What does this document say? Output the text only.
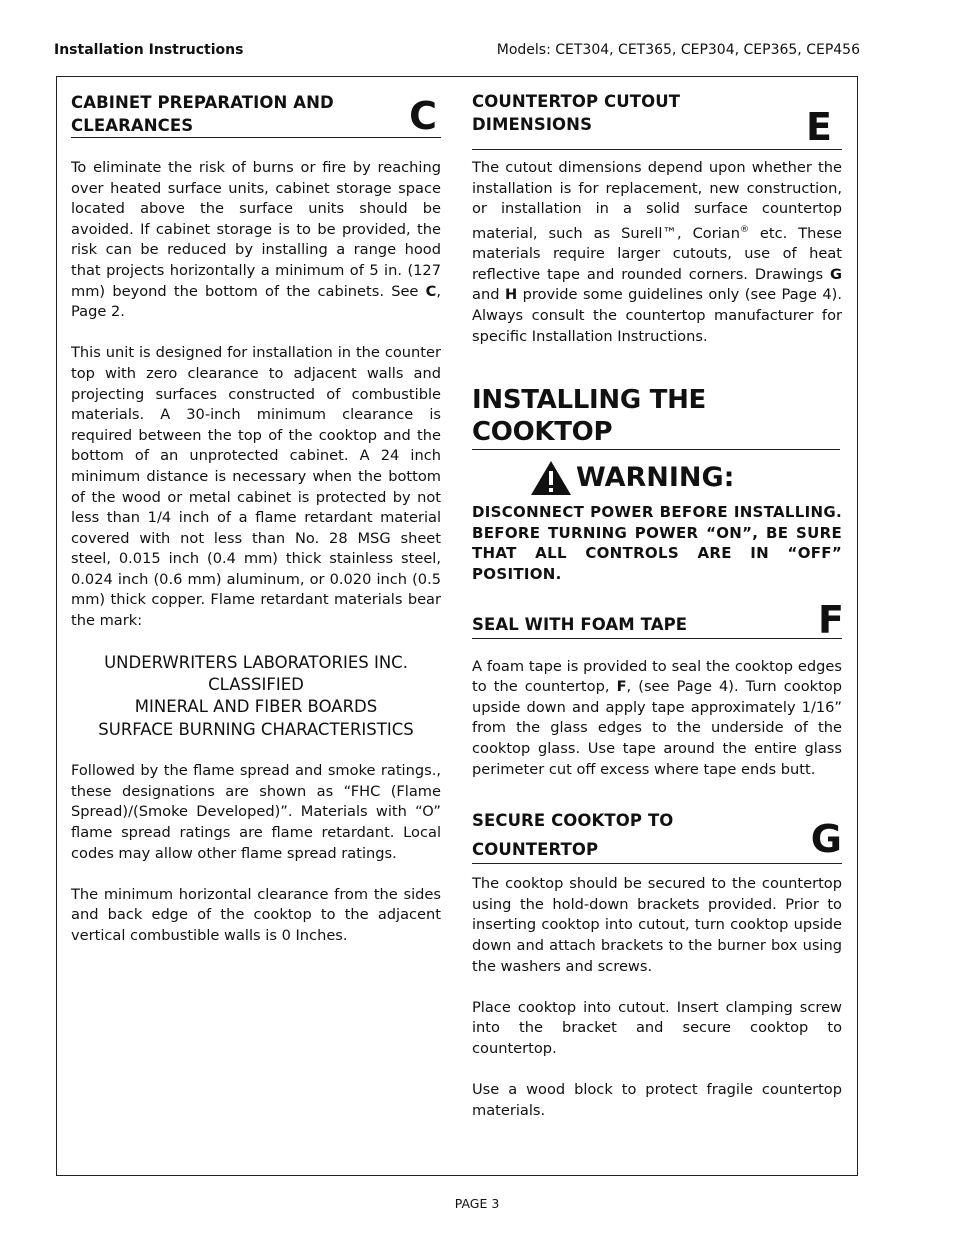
Installation Instructions	Models: CET304, CET365, CEP304, CEP365, CEP456
CABINET PREPARATION AND
CLEARANCES	C

To eliminate the risk of burns or fire by reaching over heated surface units, cabinet storage space located above the surface units should be avoided. If cabinet storage is to be provided, the risk can be reduced by installing a range hood that projects horizontally a minimum of 5 in. (127 mm) beyond the bottom of the cabinets. See C, Page 2.

This unit is designed for installation in the counter top with zero clearance to adjacent walls and projecting surfaces constructed of combustible materials. A 30-inch minimum clearance is required between the top of the cooktop and the bottom of an unprotected cabinet. A 24 inch minimum distance is necessary when the bottom of the wood or metal cabinet is protected by not less than 1/4 inch of a flame retardant material covered with not less than No. 28 MSG sheet steel, 0.015 inch (0.4 mm) thick stainless steel, 0.024 inch (0.6 mm) aluminum, or 0.020 inch (0.5 mm) thick copper. Flame retardant materials bear the mark:

UNDERWRITERS LABORATORIES INC.
CLASSIFIED
MINERAL AND FIBER BOARDS
SURFACE BURNING CHARACTERISTICS

Followed by the flame spread and smoke ratings., these designations are shown as “FHC (Flame Spread)/(Smoke Developed)”. Materials with “O” flame spread ratings are flame retardant. Local codes may allow other flame spread ratings.

The minimum horizontal clearance from the sides and back edge of the cooktop to the adjacent vertical combustible walls is 0 Inches.

COUNTERTOP CUTOUT
DIMENSIONS	E

The cutout dimensions depend upon whether the installation is for replacement, new construction, or installation in a solid surface countertop material, such as Surell™, Corian® etc. These materials require larger cutouts, use of heat reflective tape and rounded corners. Drawings G and H provide some guidelines only (see Page 4). Always consult the countertop manufacturer for specific Installation Instructions.

INSTALLING THE COOKTOP
WARNING:

DISCONNECT POWER BEFORE INSTALLING. BEFORE TURNING POWER “ON”, BE SURE THAT ALL CONTROLS ARE IN “OFF” POSITION.

SEAL WITH FOAM TAPE	F

A foam tape is provided to seal the cooktop edges to the countertop, F, (see Page 4). Turn cooktop upside down and apply tape approximately 1/16” from the glass edges to the underside of the cooktop glass. Use tape around the entire glass perimeter cut off excess where tape ends butt.

SECURE COOKTOP TO
COUNTERTOP	G

The cooktop should be secured to the countertop using the hold-down brackets provided. Prior to inserting cooktop into cutout, turn cooktop upside down and attach brackets to the burner box using the washers and screws.

Place cooktop into cutout. Insert clamping screw into the bracket and secure cooktop to countertop.

Use a wood block to protect fragile countertop materials.

PAGE 3
